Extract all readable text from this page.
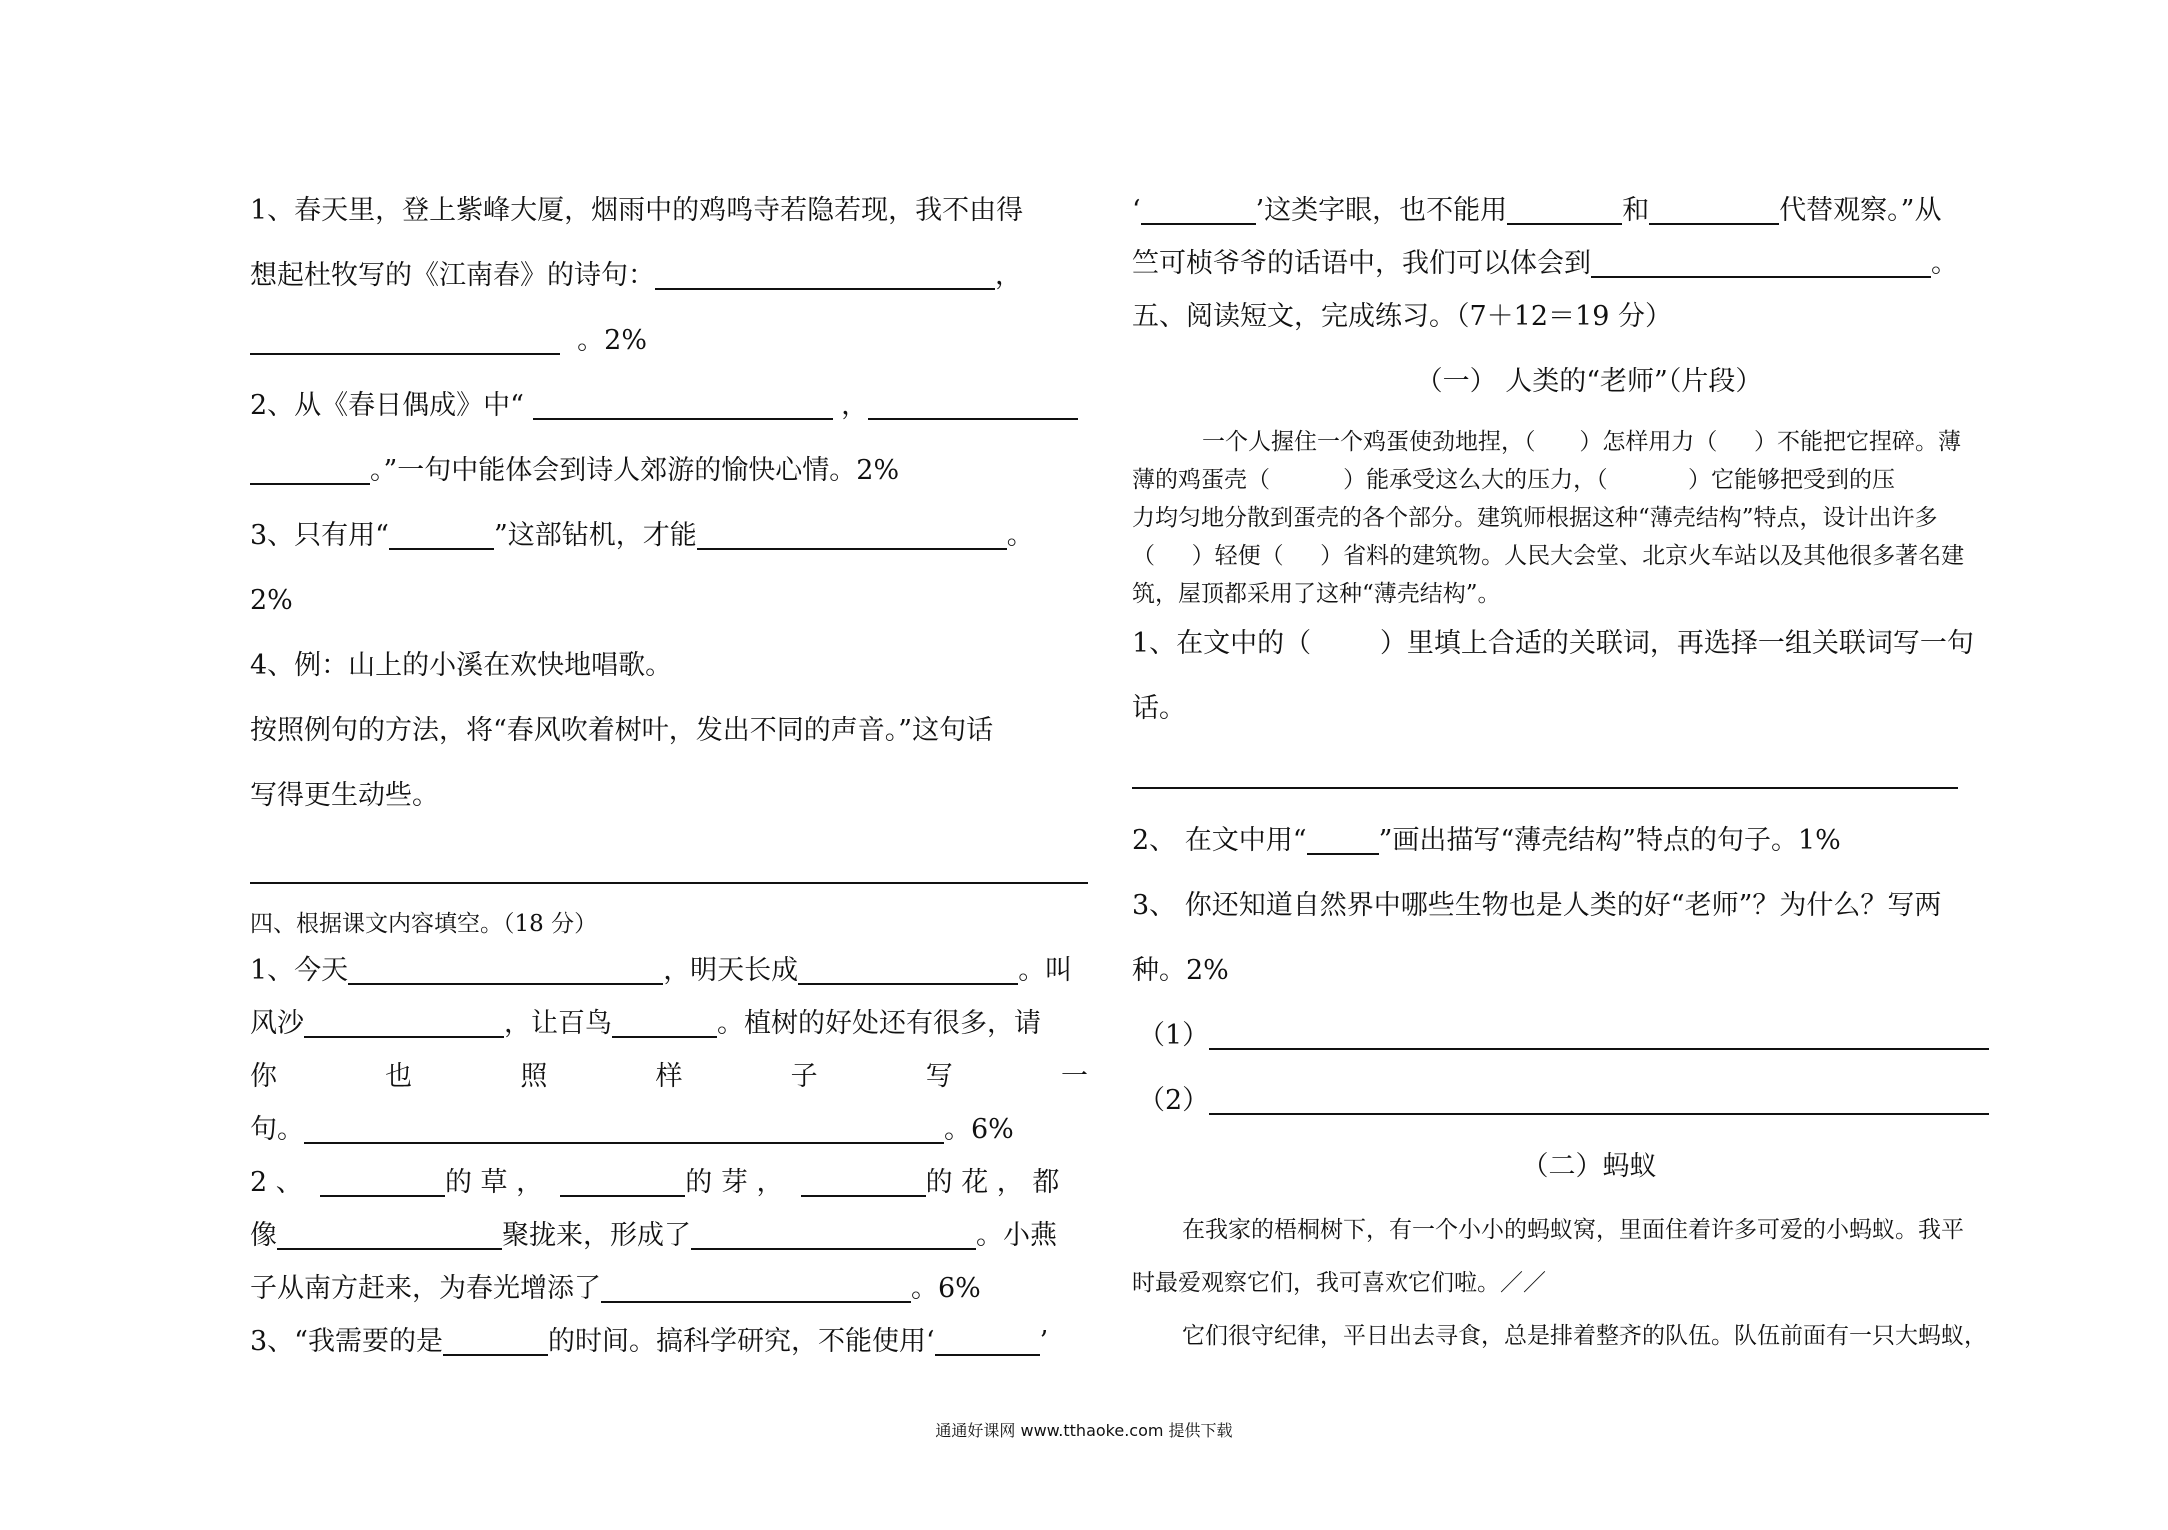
1、春天里，登上紫峰大厦，烟雨中的鸡鸣寺若隐若现，我不由得
想起杜牧写的《江南春》的诗句：	，
。2%
2、从《春日偶成》中“	，
。”一句中能体会到诗人郊游的愉快心情。2%
3、只有用“	”这部钻机，才能	。
2%
4、例：山上的小溪在欢快地唱歌。
按照例句的方法，将“春风吹着树叶，发出不同的声音。”这句话
写得更生动些。
四、根据课文内容填空。（18 分）
1、今天	，明天长成	。叫
风沙	，让百鸟	。植树的好处还有很多，请
你	也	照	样	子	写	一
句。	。6%
2 、	的 草 ，	的 芽 ，	的 花 ， 都
像	聚拢来，形成了	。小燕
子从南方赶来，为春光增添了	。6%
3、“我需要的是	的时间。搞科学研究，不能使用‘	’
‘	’这类字眼，也不能用	和	代替观察。”从
竺可桢爷爷的话语中，我们可以体会到	。
五、阅读短文，完成练习。（7＋12＝19 分）
（一） 人类的“老师”（片段）
一个人握住一个鸡蛋使劲地捏，（ ）怎样用力（ ）不能把它捏碎。薄
薄的鸡蛋壳（	）能承受这么大的压力，（	）它能够把受到的压
力均匀地分散到蛋壳的各个部分。建筑师根据这种“薄壳结构”特点，设计出许多
（ ）轻便（ ）省料的建筑物。人民大会堂、北京火车站以及其他很多著名建
筑，屋顶都采用了这种“薄壳结构”。
1、在文中的（	）里填上合适的关联词，再选择一组关联词写一句
话。
2、 在文中用“	”画出描写“薄壳结构”特点的句子。1%
3、 你还知道自然界中哪些生物也是人类的好“老师”？为什么？写两
种。2%
（1）
（2）
（二）蚂蚁
在我家的梧桐树下，有一个小小的蚂蚁窝，里面住着许多可爱的小蚂蚁。我平
时最爱观察它们，我可喜欢它们啦。／／
它们很守纪律，平日出去寻食，总是排着整齐的队伍。队伍前面有一只大蚂蚁，
通通好课网 www.tthaoke.com 提供下载
